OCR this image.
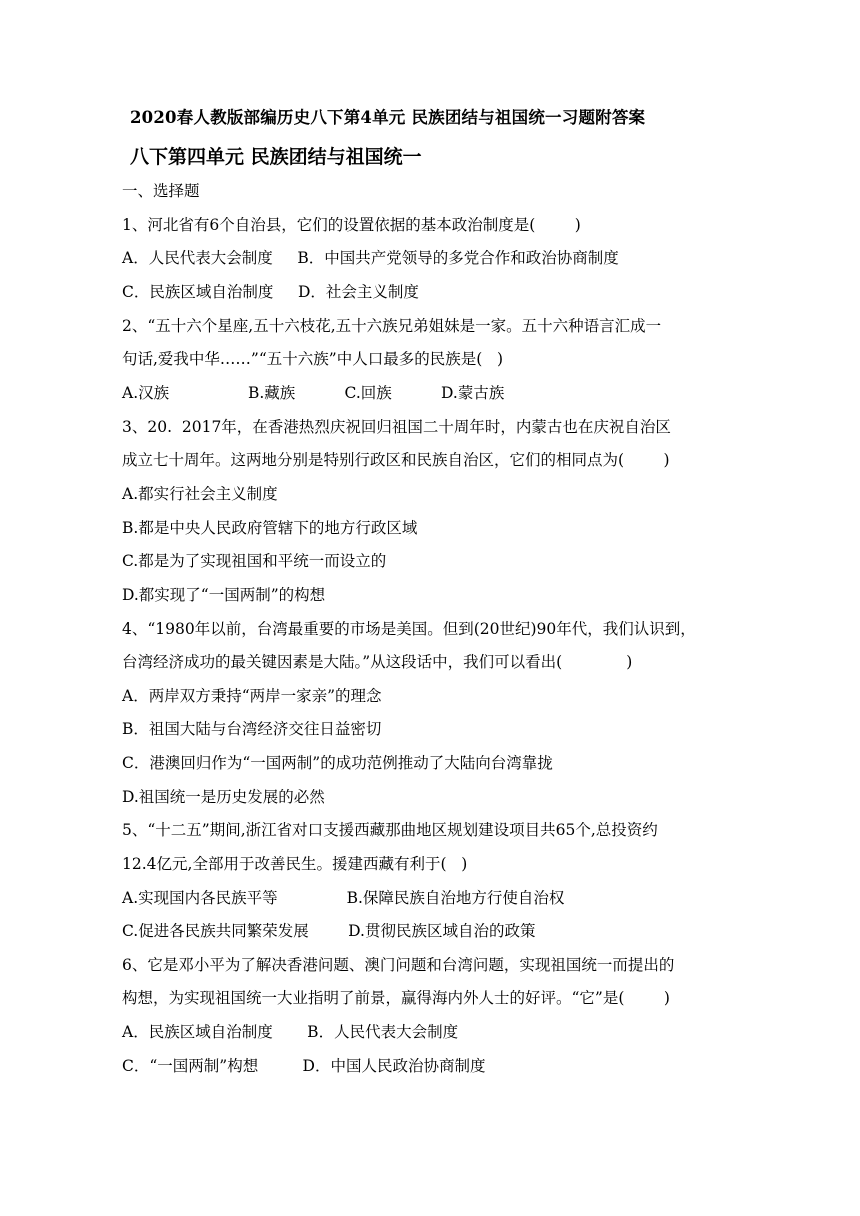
2020春人教版部编历史八下第4单元 民族团结与祖国统一习题附答案
八下第四单元 民族团结与祖国统一
一、选择题
1、河北省有6个自治县，它们的设置依据的基本政治制度是(        )
A．人民代表大会制度     B．中国共产党领导的多党合作和政治协商制度
C．民族区域自治制度     D．社会主义制度
2、“五十六个星座,五十六枝花,五十六族兄弟姐妹是一家。五十六种语言汇成一
句话,爱我中华……”“五十六族”中人口最多的民族是(   )
A.汉族                B.藏族          C.回族          D.蒙古族
3、20.  2017年，在香港热烈庆祝回归祖国二十周年时，内蒙古也在庆祝自治区
成立七十周年。这两地分别是特别行政区和民族自治区，它们的相同点为(        )
A.都实行社会主义制度
B.都是中央人民政府管辖下的地方行政区域
C.都是为了实现祖国和平统一而设立的
D.都实现了“一国两制”的构想
4、“1980年以前，台湾最重要的市场是美国。但到(20世纪)90年代，我们认识到，
台湾经济成功的最关键因素是大陆。”从这段话中，我们可以看出(             )
A．两岸双方秉持“两岸一家亲”的理念
B．祖国大陆与台湾经济交往日益密切
C．港澳回归作为“一国两制”的成功范例推动了大陆向台湾靠拢
D.祖国统一是历史发展的必然
5、“十二五”期间,浙江省对口支援西藏那曲地区规划建设项目共65个,总投资约
12.4亿元,全部用于改善民生。援建西藏有利于(   )
A.实现国内各民族平等              B.保障民族自治地方行使自治权
C.促进各民族共同繁荣发展        D.贯彻民族区域自治的政策
6、它是邓小平为了解决香港问题、澳门问题和台湾问题，实现祖国统一而提出的
构想，为实现祖国统一大业指明了前景，赢得海内外人士的好评。“它”是(        )
A．民族区域自治制度       B．人民代表大会制度
C．“一国两制”构想         D．中国人民政治协商制度
